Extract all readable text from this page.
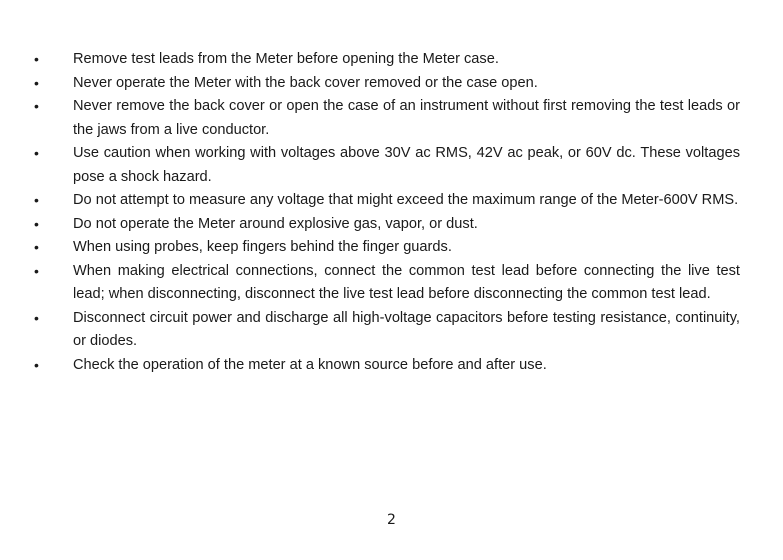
• Remove test leads from the Meter before opening the Meter case.
• Never operate the Meter with the back cover removed or the case open.
• Never remove the back cover or open the case of an instrument without first removing the test leads or the jaws from a live conductor.
• Use caution when working with voltages above 30V ac RMS, 42V ac peak, or 60V dc. These voltages pose a shock hazard.
• Do not attempt to measure any voltage that might exceed the maximum range of the Meter-600V RMS.
• Do not operate the Meter around explosive gas, vapor, or dust.
• When using probes, keep fingers behind the finger guards.
• When making electrical connections, connect the common test lead before connecting the live test lead; when disconnecting, disconnect the live test lead before disconnecting the common test lead.
• Disconnect circuit power and discharge all high-voltage capacitors before testing resistance, continuity, or diodes.
• Check the operation of the meter at a known source before and after use.
2
